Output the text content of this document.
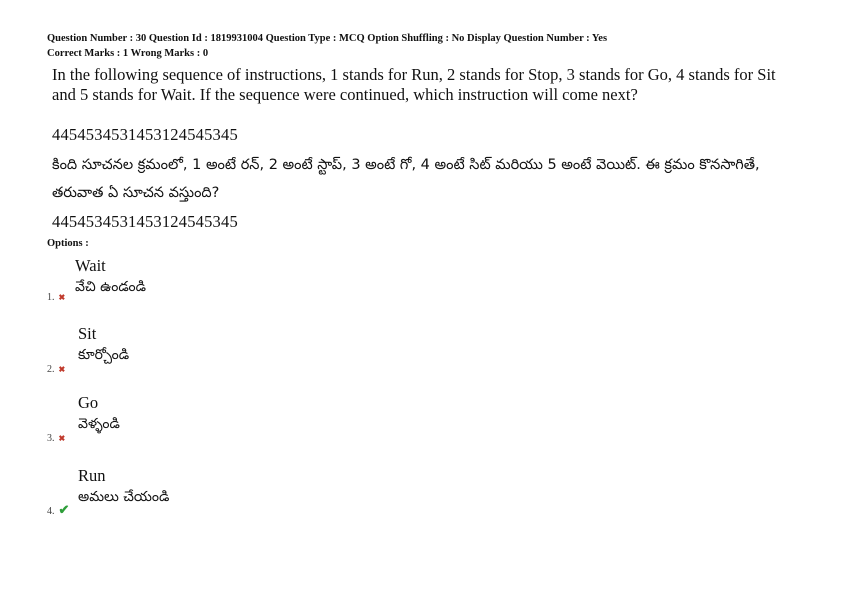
Question Number : 30 Question Id : 1819931004 Question Type : MCQ Option Shuffling : No Display Question Number : Yes
Correct Marks : 1 Wrong Marks : 0

In the following sequence of instructions, 1 stands for Run, 2 stands for Stop, 3 stands for Go, 4 stands for Sit and 5 stands for Wait. If the sequence were continued, which instruction will come next?

4454534531453124545345
కింది సూచనల క్రమంలో, 1 అంటే రన్, 2 అంటే స్టాప్, 3 అంటే గో, 4 అంటే సిట్ మరియు 5 అంటే వెయిట్. ఈ క్రమం కొనసాగితే, తరువాత ఏ సూచన వస్తుంది?
4454534531453124545345
Options :
Wait
వేచి ఉండండి
1. ✖
Sit
కూర్చోండి
2. ✖
Go
వెళ్ళండి
3. ✖
Run
అమలు చేయండి
4. ✔
